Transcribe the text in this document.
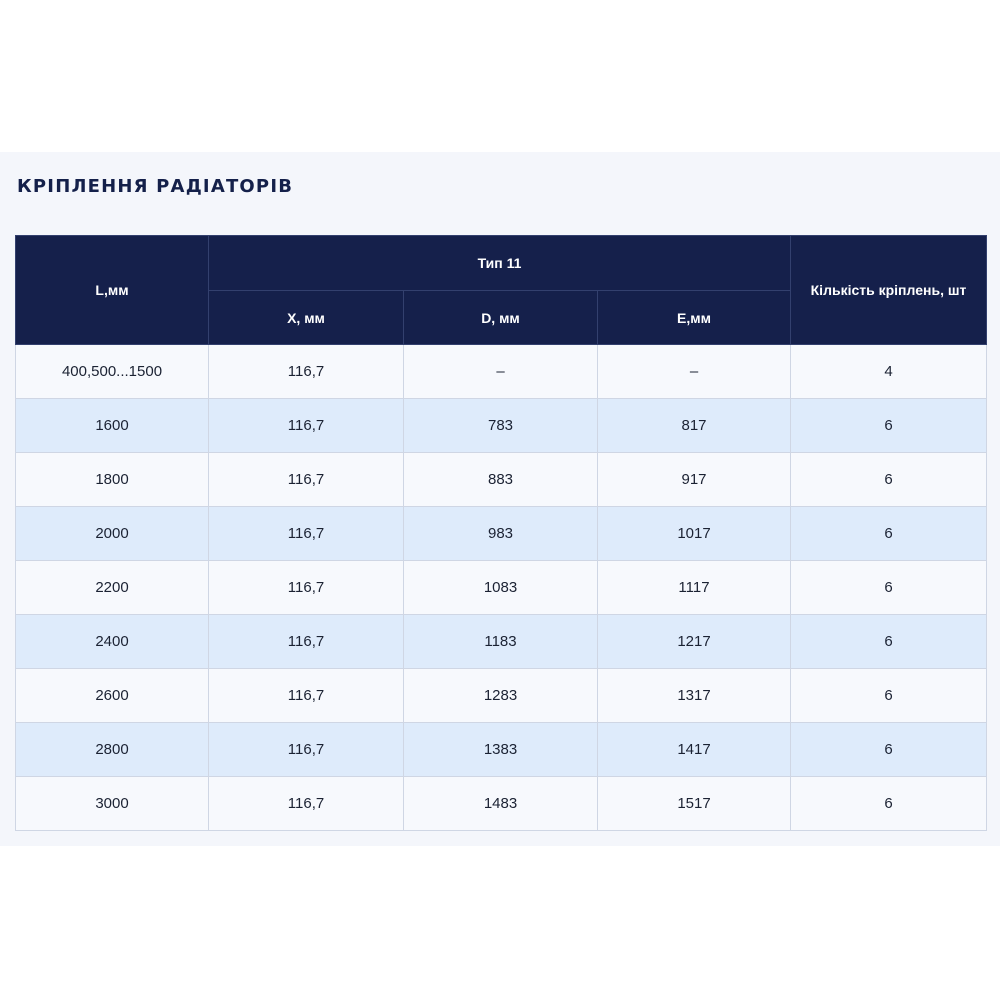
КРІПЛЕННЯ РАДІАТОРІВ
L,мм	Тип 11			Кількість кріплень, шт
	X, мм	D, мм	E,мм	
400,500...1500	116,7	–	–	4
1600	116,7	783	817	6
1800	116,7	883	917	6
2000	116,7	983	1017	6
2200	116,7	1083	1117	6
2400	116,7	1183	1217	6
2600	116,7	1283	1317	6
2800	116,7	1383	1417	6
3000	116,7	1483	1517	6
